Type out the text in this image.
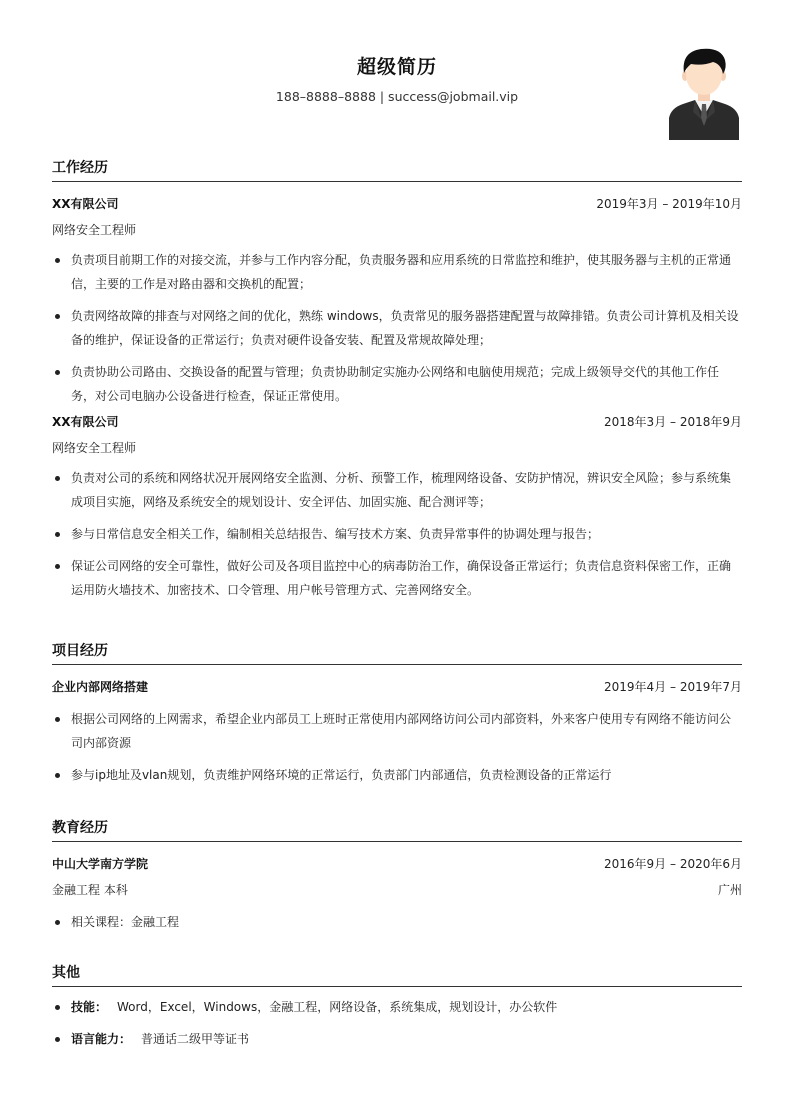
超级简历
188–8888–8888 | success@jobmail.vip
工作经历
XX有限公司	2019年3月 – 2019年10月
网络安全工程师
负责项目前期工作的对接交流，并参与工作内容分配，负责服务器和应用系统的日常监控和维护，使其服务器与主机的正常通信，主要的工作是对路由器和交换机的配置；
负责网络故障的排查与对网络之间的优化，熟练 windows，负责常见的服务器搭建配置与故障排错。负责公司计算机及相关设备的维护，保证设备的正常运行；负责对硬件设备安装、配置及常规故障处理；
负责协助公司路由、交换设备的配置与管理；负责协助制定实施办公网络和电脑使用规范；完成上级领导交代的其他工作任务，对公司电脑办公设备进行检查，保证正常使用。
XX有限公司	2018年3月 – 2018年9月
网络安全工程师
负责对公司的系统和网络状况开展网络安全监测、分析、预警工作，梳理网络设备、安防护情况，辨识安全风险；参与系统集成项目实施，网络及系统安全的规划设计、安全评估、加固实施、配合测评等；
参与日常信息安全相关工作，编制相关总结报告、编写技术方案、负责异常事件的协调处理与报告；
保证公司网络的安全可靠性，做好公司及各项目监控中心的病毒防治工作，确保设备正常运行；负责信息资料保密工作，正确运用防火墙技术、加密技术、口令管理、用户帐号管理方式、完善网络安全。
项目经历
企业内部网络搭建	2019年4月 – 2019年7月
根据公司网络的上网需求，希望企业内部员工上班时正常使用内部网络访问公司内部资料，外来客户使用专有网络不能访问公司内部资源
参与ip地址及vlan规划，负责维护网络环境的正常运行，负责部门内部通信，负责检测设备的正常运行
教育经历
中山大学南方学院	2016年9月 – 2020年6月
金融工程 本科	广州
相关课程：金融工程
其他
技能： Word，Excel，Windows，金融工程，网络设备，系统集成，规划设计，办公软件
语言能力： 普通话二级甲等证书
